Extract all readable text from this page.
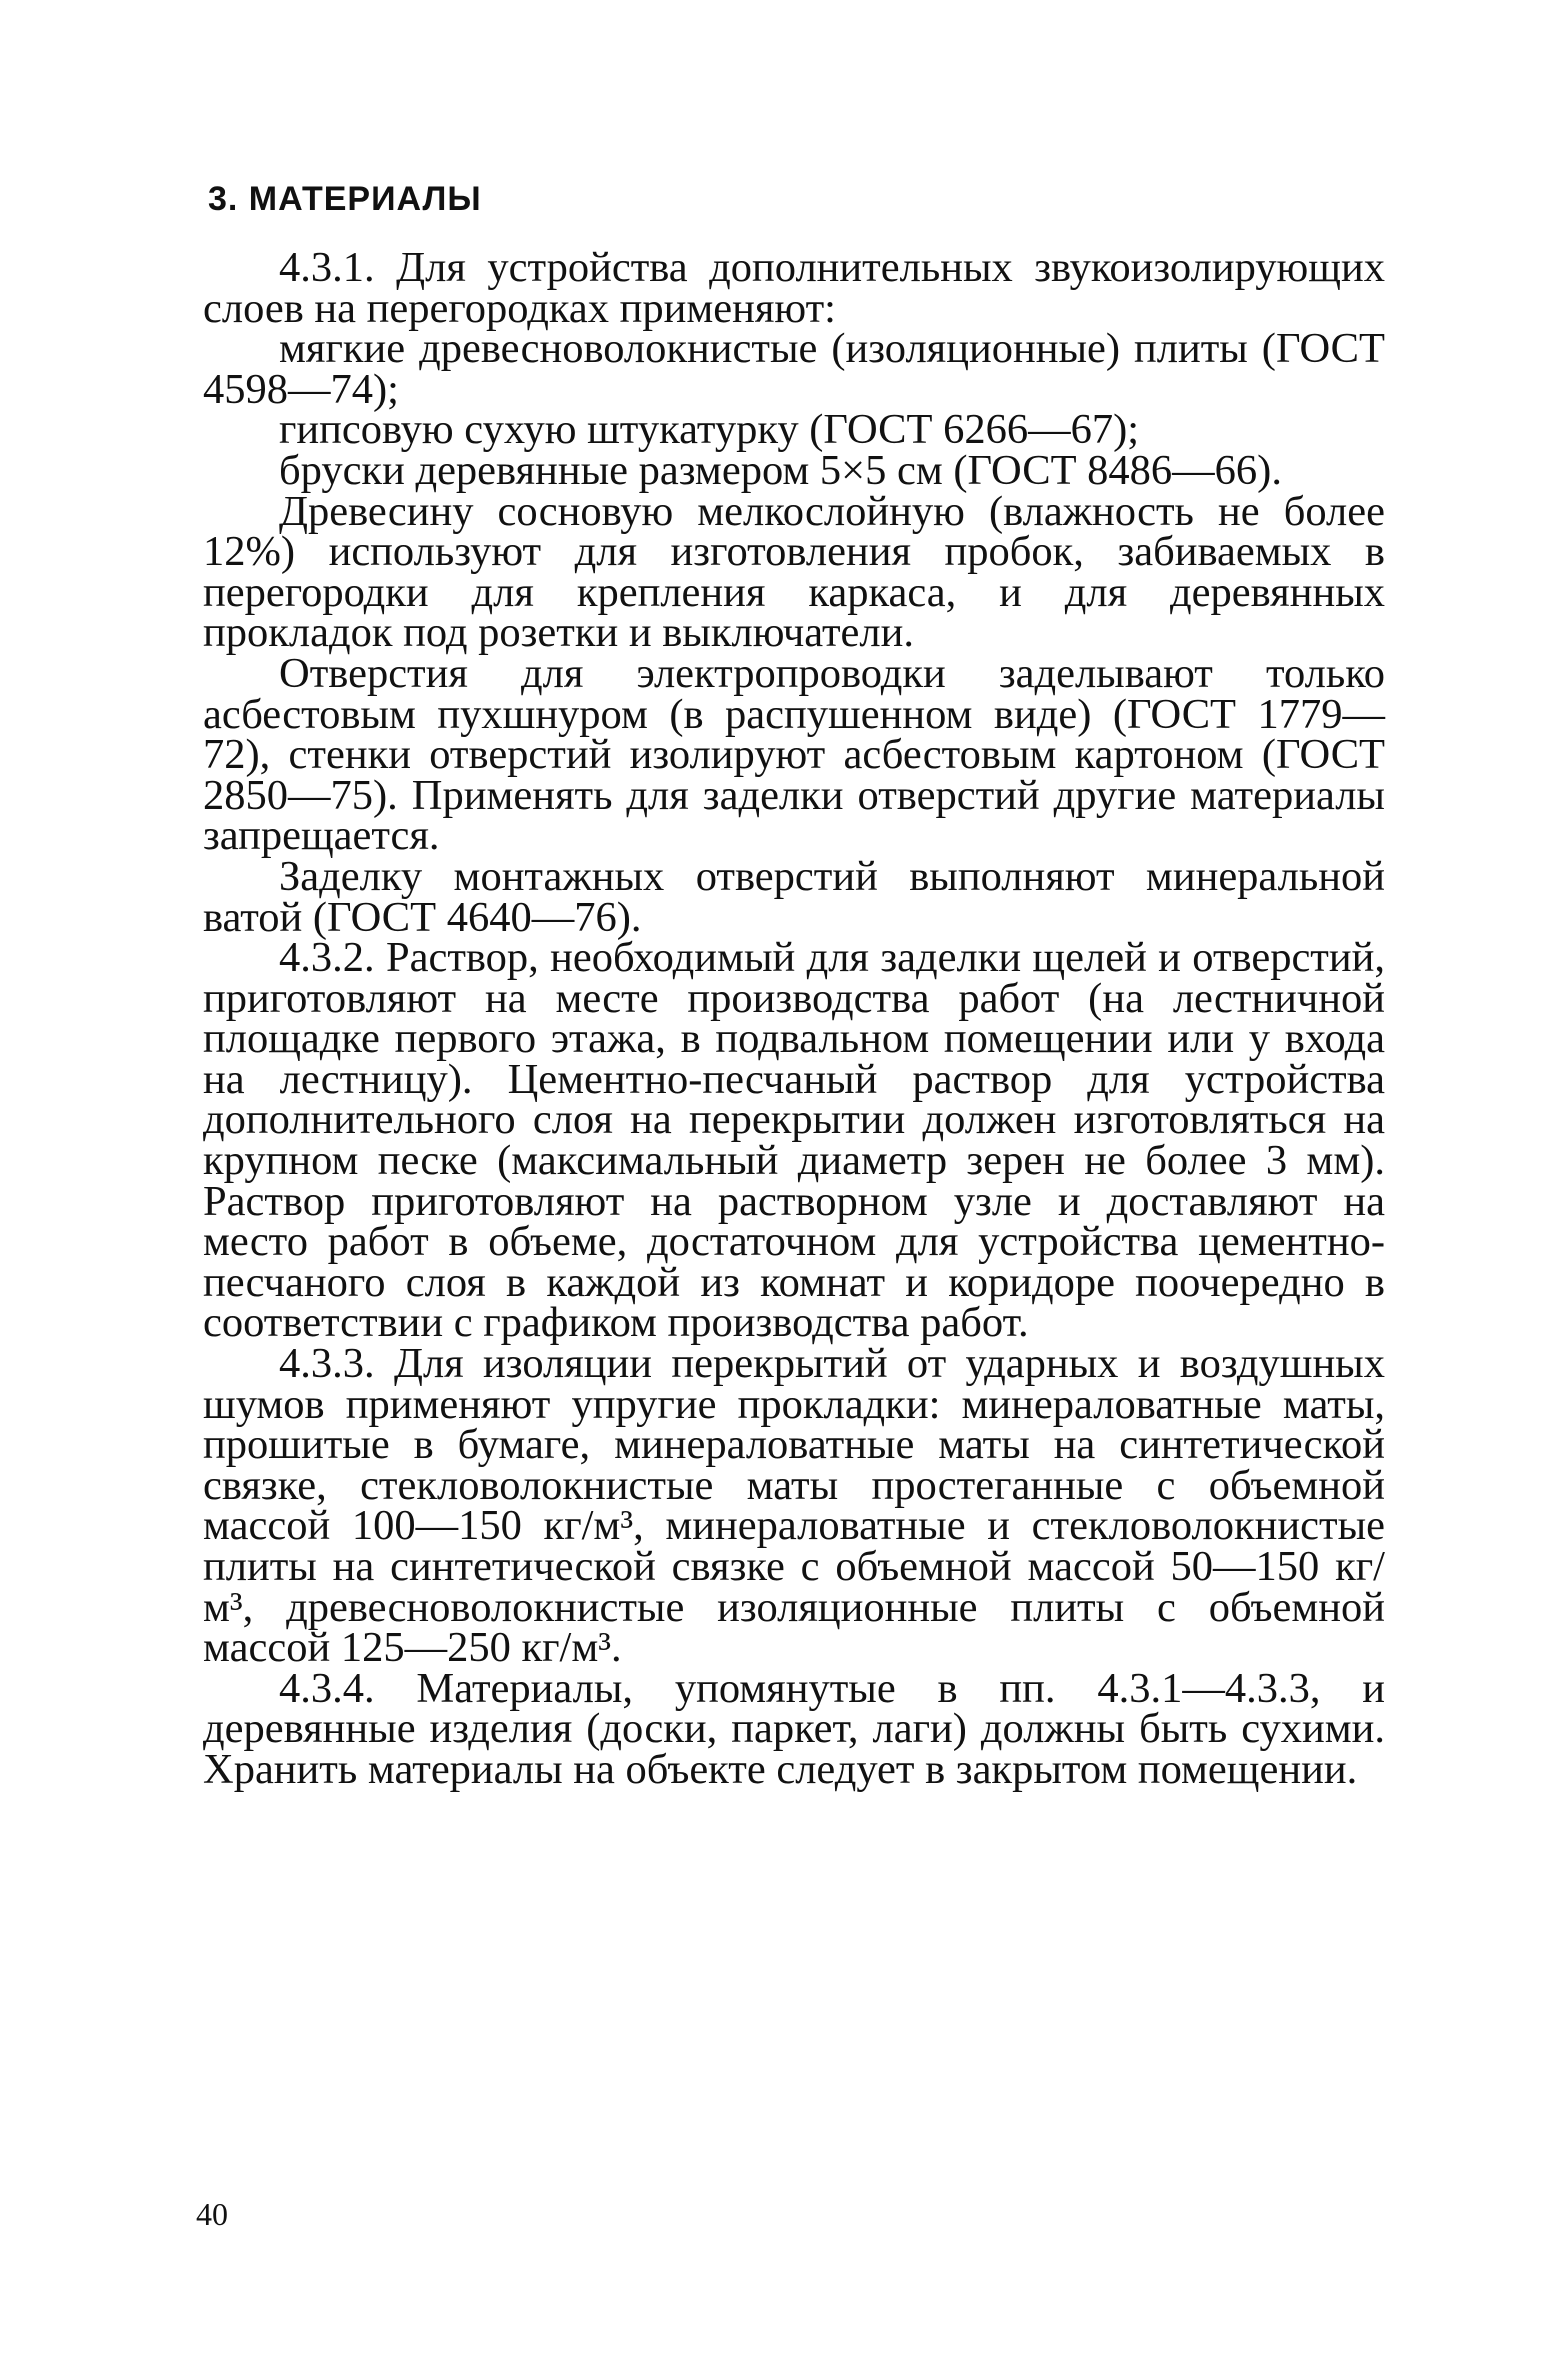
3. МАТЕРИАЛЫ

4.3.1. Для устройства дополнительных звукоизолирующих слоев на перегородках применяют:

мягкие древесноволокнистые (изоляционные) плиты (ГОСТ 4598—74);

гипсовую сухую штукатурку (ГОСТ 6266—67);

бруски деревянные размером 5×5 см (ГОСТ 8486—66).

Древесину сосновую мелкослойную (влажность не более 12%) используют для изготовления пробок, забиваемых в перегородки для крепления каркаса, и для деревянных прокладок под розетки и выключатели.

Отверстия для электропроводки заделывают только асбестовым пухшнуром (в распушенном виде) (ГОСТ 1779—72), стенки отверстий изолируют асбестовым картоном (ГОСТ 2850—75). Применять для заделки отверстий другие материалы запрещается.

Заделку монтажных отверстий выполняют минеральной ватой (ГОСТ 4640—76).

4.3.2. Раствор, необходимый для заделки щелей и отверстий, приготовляют на месте производства работ (на лестничной площадке первого этажа, в подвальном помещении или у входа на лестницу). Цементно-песчаный раствор для устройства дополнительного слоя на перекрытии должен изготовляться на крупном песке (максимальный диаметр зерен не более 3 мм). Раствор приготовляют на растворном узле и доставляют на место работ в объеме, достаточном для устройства цементно-песчаного слоя в каждой из комнат и коридоре поочередно в соответствии с графиком производства работ.

4.3.3. Для изоляции перекрытий от ударных и воздушных шумов применяют упругие прокладки: минераловатные маты, прошитые в бумаге, минераловатные маты на синтетической связке, стекловолокнистые маты простеганные с объемной массой 100—150 кг/м³, минераловатные и стекловолокнистые плиты на синтетической связке с объемной массой 50—150 кг/м³, древесноволокнистые изоляционные плиты с объемной массой 125—250 кг/м³.

4.3.4. Материалы, упомянутые в пп. 4.3.1—4.3.3, и деревянные изделия (доски, паркет, лаги) должны быть сухими. Хранить материалы на объекте следует в закрытом помещении.

40
